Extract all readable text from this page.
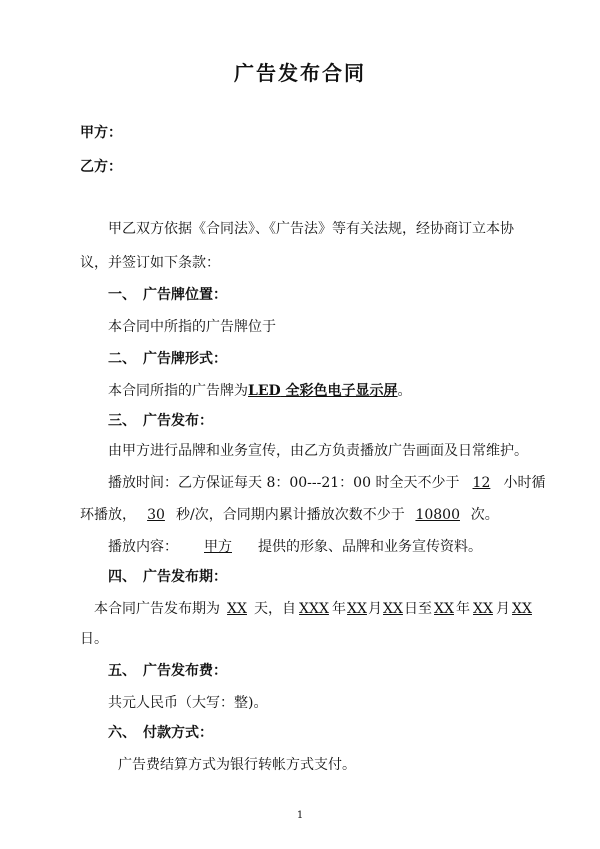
广告发布合同
甲方：
乙方：
甲乙双方依据《合同法》、《广告法》等有关法规，经协商订立本协
议，并签订如下条款：
一、　广告牌位置：
本合同中所指的广告牌位于
二、　广告牌形式：
本合同所指的广告牌为LED 全彩色电子显示屏。
三、　广告发布：
由甲方进行品牌和业务宣传，由乙方负责播放广告画面及日常维护。
播放时间：乙方保证每天 8：00---21：00 时全天不少于 12 小时循
环播放， 30 秒/次，合同期内累计播放次数不少于 10800 次。
播放内容： 甲方 提供的形象、品牌和业务宣传资料。
四、　广告发布期：
本合同广告发布期为 XX 天，自 XXX 年XX月XX日至 XX 年 XX 月 XX
日。
五、　广告发布费：
共元人民币（大写：整)。
六、　付款方式：
广告费结算方式为银行转帐方式支付。
1
